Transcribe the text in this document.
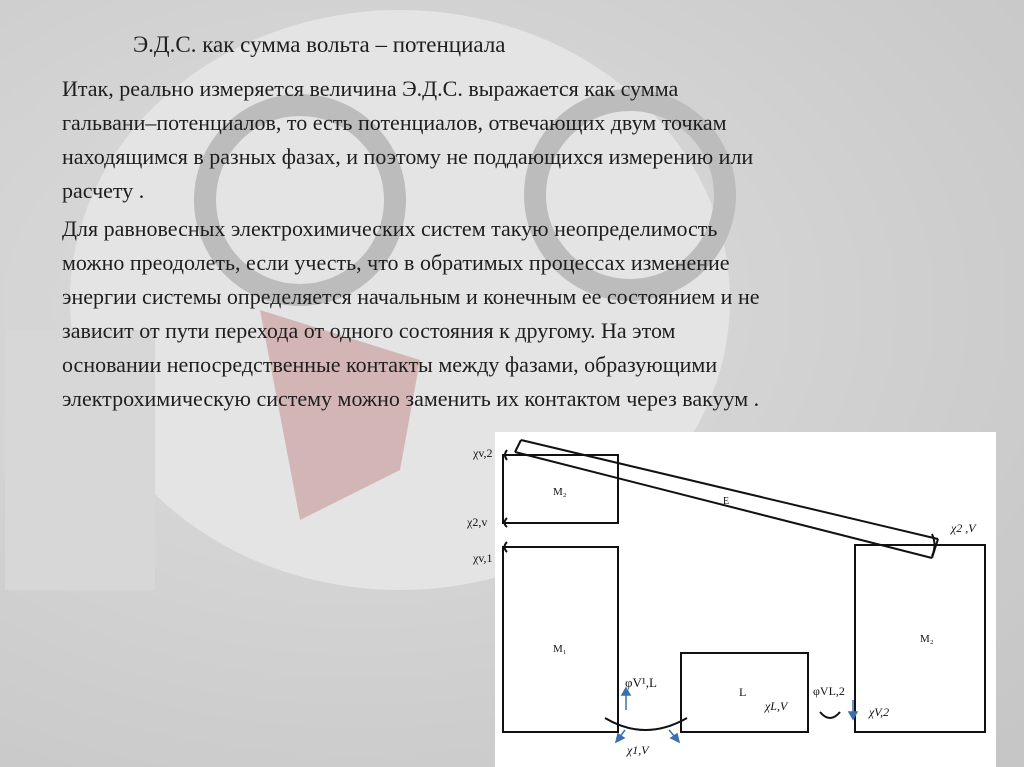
Э.Д.С. как сумма вольта – потенциала

Итак, реально измеряется величина Э.Д.С. выражается как сумма
гальвани–потенциалов, то есть потенциалов, отвечающих двум точкам
находящимся в разных фазах, и поэтому не поддающихся измерению или
расчету .

Для равновесных электрохимических систем такую неопределимость
можно преодолеть, если учесть, что в обратимых процессах изменение
энергии системы определяется начальным и конечным ее состоянием и не
зависит от пути перехода от одного состояния к другому. На этом
основании непосредственные контакты между фазами, образующими
электрохимическую систему можно заменить их контактом через вакуум .

M₂
M₁
L
M₂
E
χv,2
χ2,v
χv,1
χ2 ,V
φV¹,L
χ1,V
χL,V
φVL,2
χV,2
